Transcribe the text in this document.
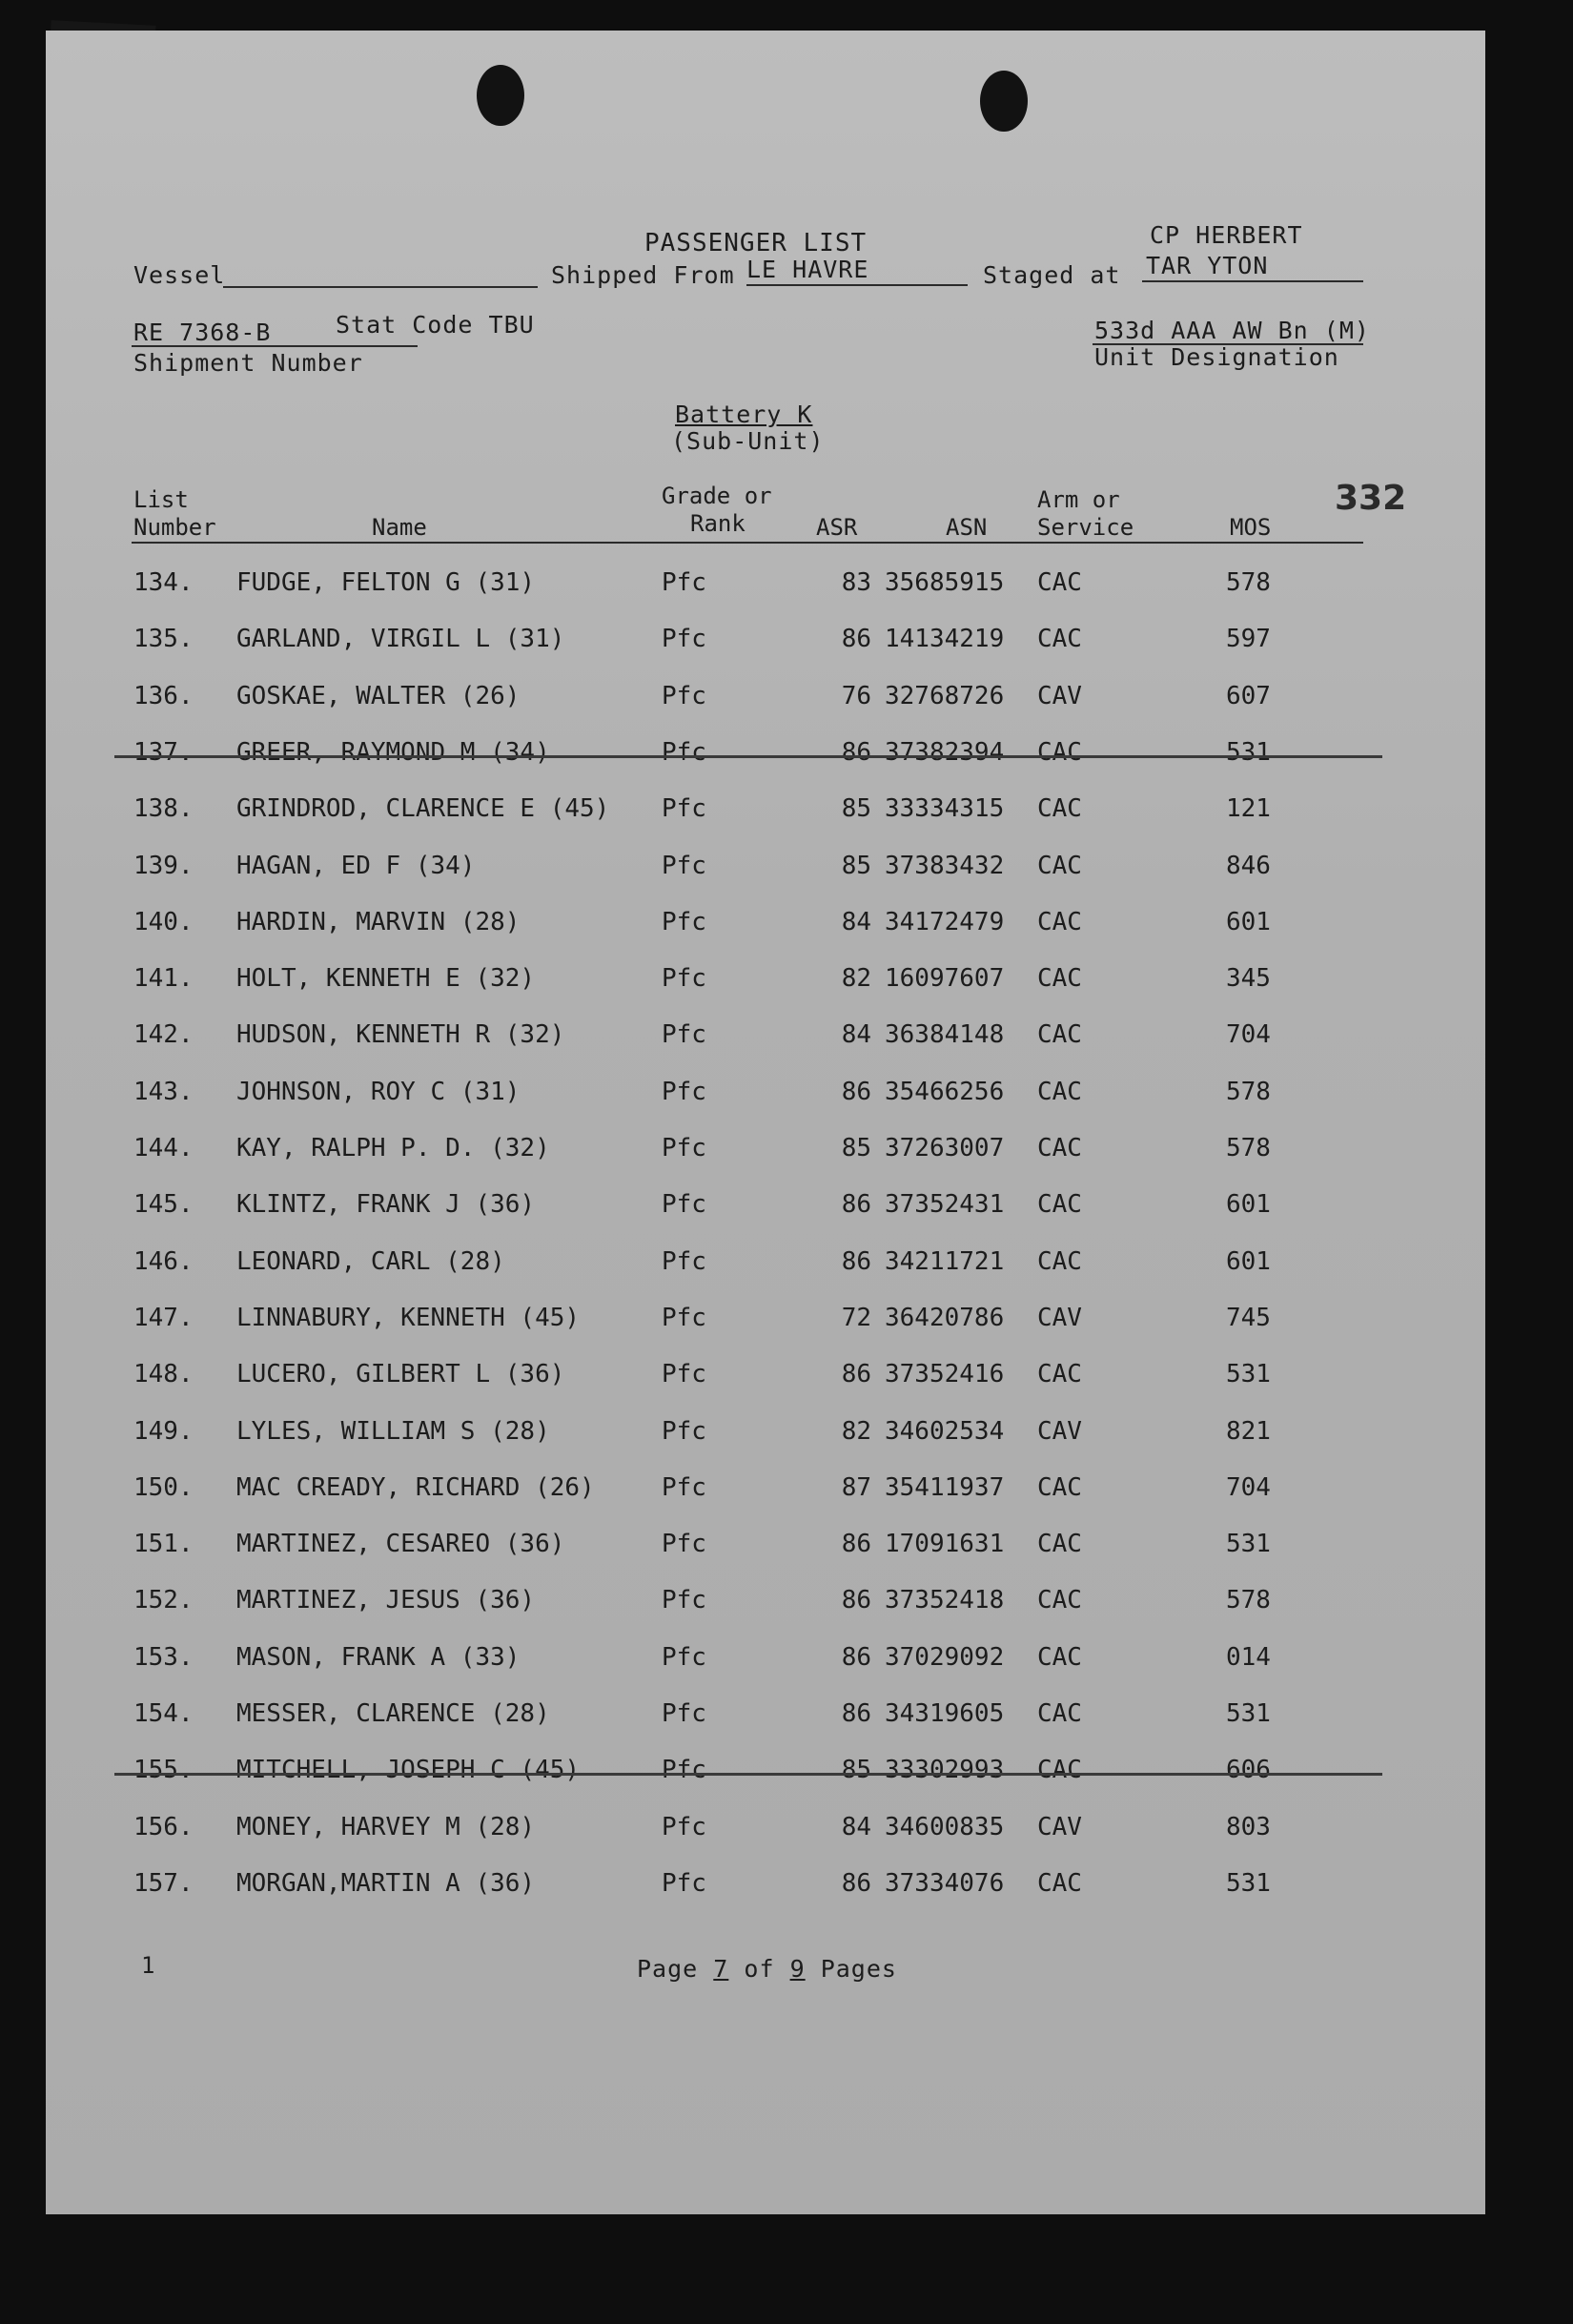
PASSENGER LIST
Vessel	Shipped From LE HAVRE	Staged at
CP HERBERT
TAR YTON
RE 7368-B	Stat Code TBU
Shipment Number
533d AAA AW Bn (M)
Unit Designation
Battery K
(Sub-Unit)
332
List
Number	Name
Grade or
Rank	ASR	ASN
Arm or
Service	MOS
134. FUDGE, FELTON G (31)	Pfc	83 35685915 CAC	578
135. GARLAND, VIRGIL L (31)	Pfc	86 14134219 CAC	597
136. GOSKAE, WALTER (26)	Pfc	76 32768726 CAV	607
137. GREER, RAYMOND M (34)	Pfc	86 37382394 CAC	531
138. GRINDROD, CLARENCE E (45) Pfc	85 33334315 CAC	121
139. HAGAN, ED F (34)	Pfc	85 37383432 CAC	846
140. HARDIN, MARVIN (28)	Pfc	84 34172479 CAC	601
141. HOLT, KENNETH E (32)	Pfc	82 16097607 CAC	345
142. HUDSON, KENNETH R (32)	Pfc	84 36384148 CAC	704
143. JOHNSON, ROY C (31)	Pfc	86 35466256 CAC	578
144. KAY, RALPH P. D. (32)	Pfc	85 37263007 CAC	578
145. KLINTZ, FRANK J (36)	Pfc	86 37352431 CAC	601
146. LEONARD, CARL (28)	Pfc	86 34211721 CAC	601
147. LINNABURY, KENNETH (45)	Pfc	72 36420786 CAV	745
148. LUCERO, GILBERT L (36)	Pfc	86 37352416 CAC	531
149. LYLES, WILLIAM S (28)	Pfc	82 34602534 CAV	821
150. MAC CREADY, RICHARD (26)	Pfc	87 35411937 CAC	704
151. MARTINEZ, CESAREO (36)	Pfc	86 17091631 CAC	531
152. MARTINEZ, JESUS (36)	Pfc	86 37352418 CAC	578
153. MASON, FRANK A (33)	Pfc	86 37029092 CAC	014
154. MESSER, CLARENCE (28)	Pfc	86 34319605 CAC	531
155. MITCHELL, JOSEPH C (45)	Pfc	85 33302993 CAC	606
156. MONEY, HARVEY M (28)	Pfc	84 34600835 CAV	803
157. MORGAN,MARTIN A (36)	Pfc	86 37334076 CAC	531
1	Page 7 of 9 Pages
